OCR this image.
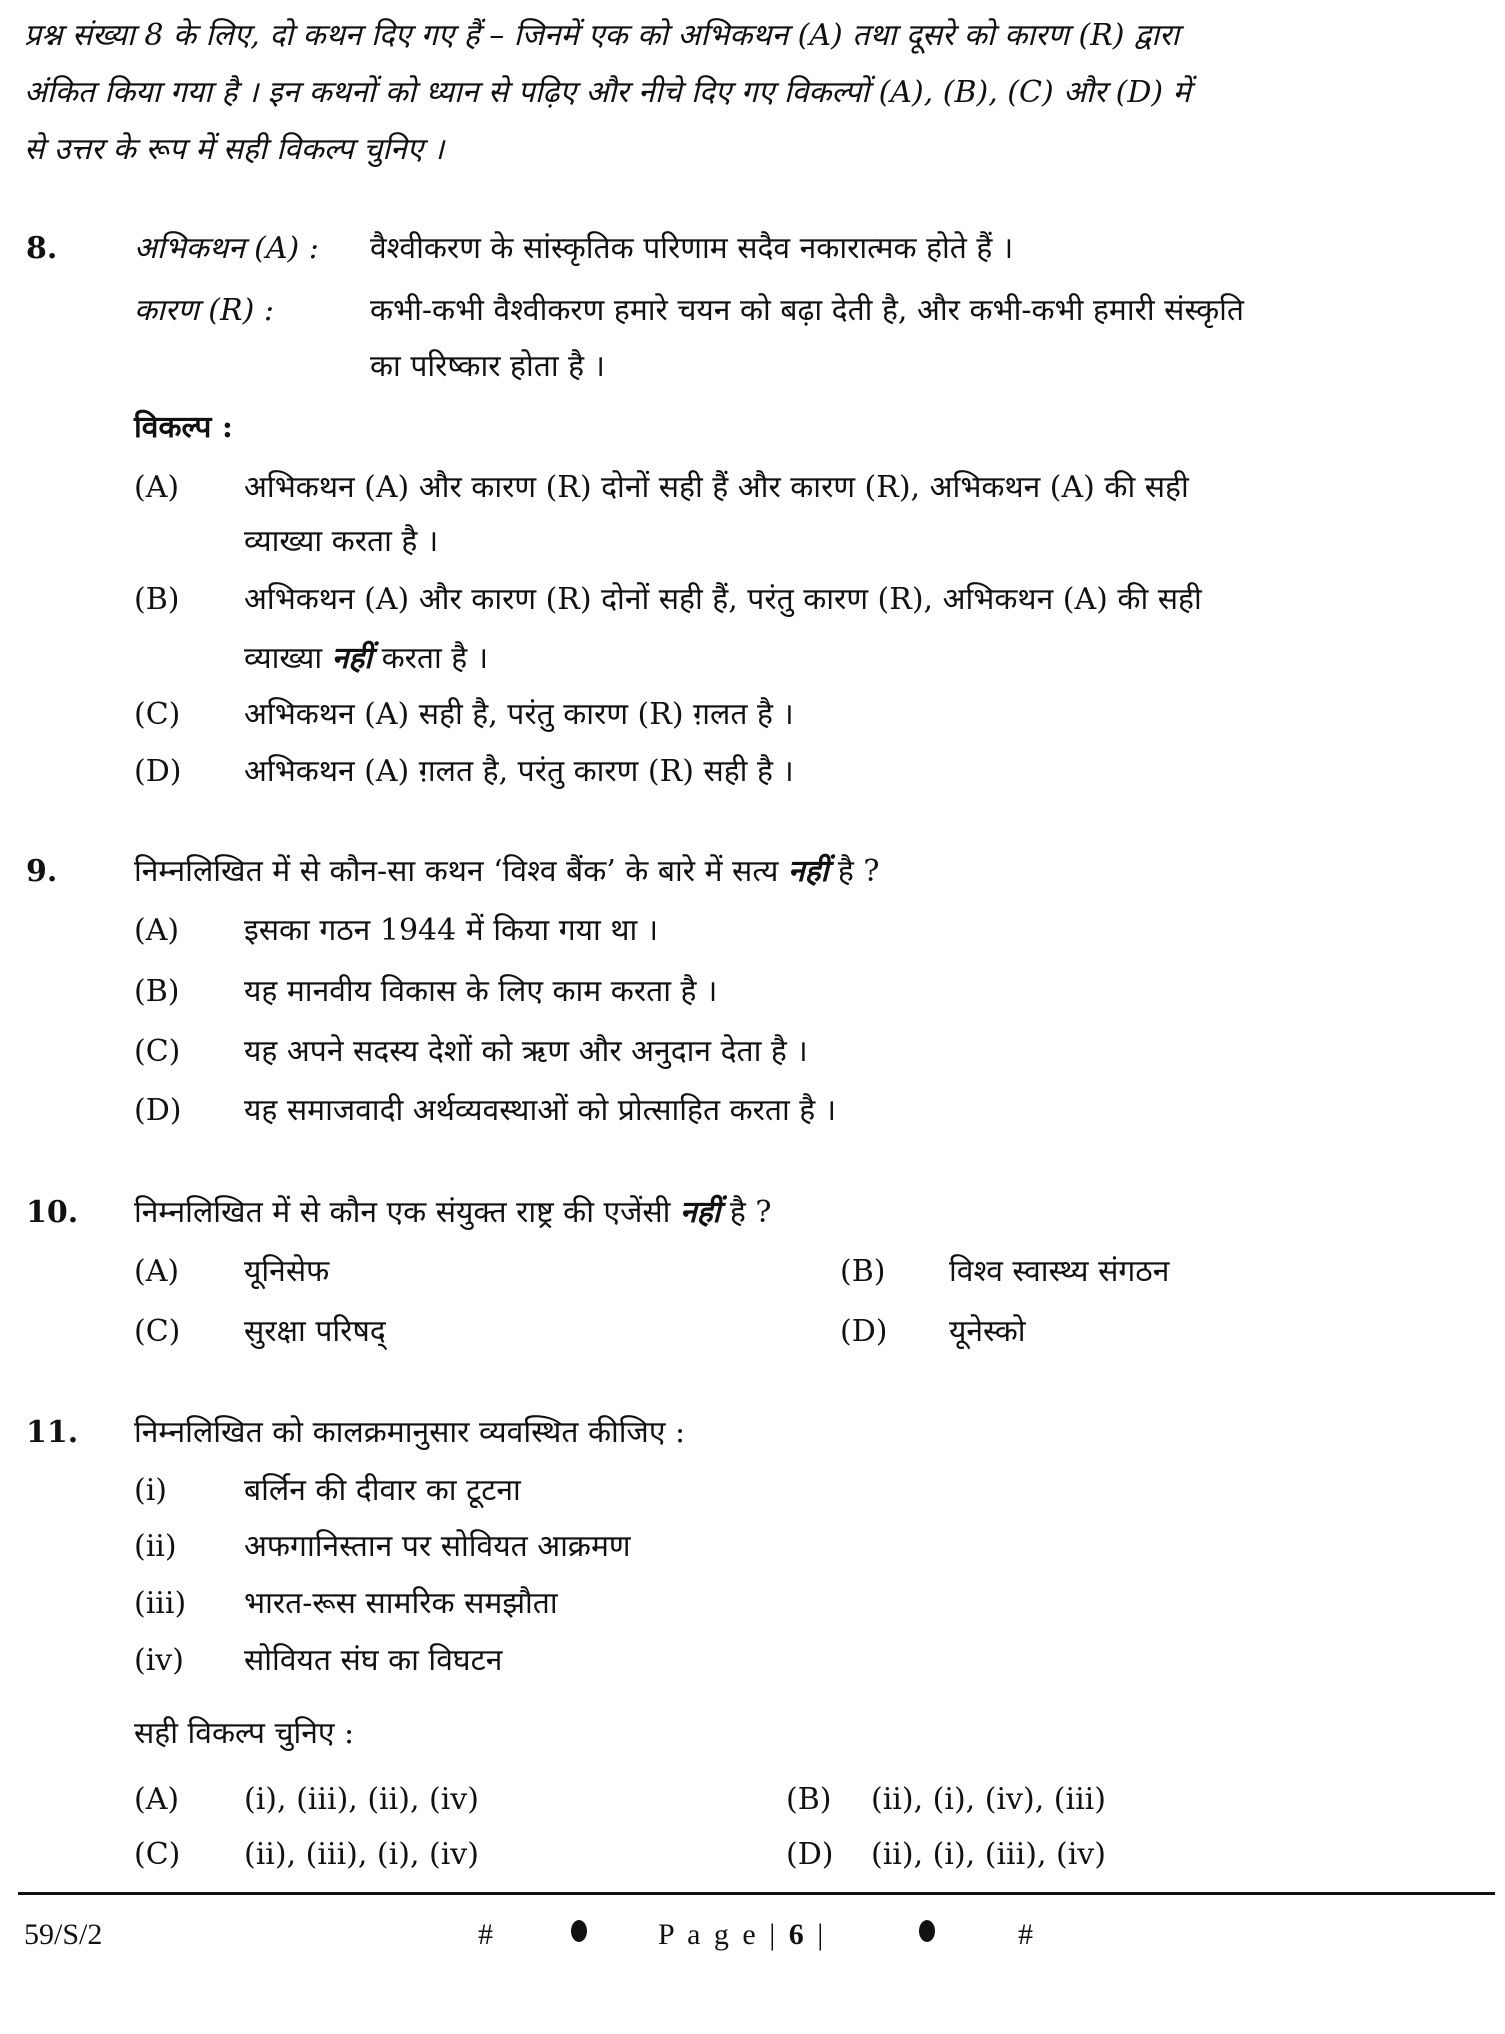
प्रश्न संख्या 8 के लिए, दो कथन दिए गए हैं – जिनमें एक को अभिकथन (A) तथा दूसरे को कारण (R) द्वारा
अंकित किया गया है । इन कथनों को ध्यान से पढ़िए और नीचे दिए गए विकल्पों (A), (B), (C) और (D) में
से उत्तर के रूप में सही विकल्प चुनिए ।
8.	अभिकथन (A) : वैश्वीकरण के सांस्कृतिक परिणाम सदैव नकारात्मक होते हैं ।
कारण (R) :	कभी-कभी वैश्वीकरण हमारे चयन को बढ़ा देती है, और कभी-कभी हमारी संस्कृति
का परिष्कार होता है ।
विकल्प :
(A) अभिकथन (A) और कारण (R) दोनों सही हैं और कारण (R), अभिकथन (A) की सही
व्याख्या करता है ।
(B) अभिकथन (A) और कारण (R) दोनों सही हैं, परंतु कारण (R), अभिकथन (A) की सही
व्याख्या नहीं करता है ।
(C) अभिकथन (A) सही है, परंतु कारण (R) ग़लत है ।
(D) अभिकथन (A) ग़लत है, परंतु कारण (R) सही है ।
9.	निम्नलिखित में से कौन-सा कथन ‘विश्व बैंक’ के बारे में सत्य नहीं है ?
(A) इसका गठन 1944 में किया गया था ।
(B) यह मानवीय विकास के लिए काम करता है ।
(C) यह अपने सदस्य देशों को ऋण और अनुदान देता है ।
(D) यह समाजवादी अर्थव्यवस्थाओं को प्रोत्साहित करता है ।
10. निम्नलिखित में से कौन एक संयुक्त राष्ट्र की एजेंसी नहीं है ?
(A) यूनिसेफ	(B) विश्व स्वास्थ्य संगठन
(C) सुरक्षा परिषद्	(D) यूनेस्को
11. निम्नलिखित को कालक्रमानुसार व्यवस्थित कीजिए :
(i)	बर्लिन की दीवार का टूटना
(ii) अफगानिस्तान पर सोवियत आक्रमण
(iii) भारत-रूस सामरिक समझौता
(iv) सोवियत संघ का विघटन
सही विकल्प चुनिए :
(A) (i), (iii), (ii), (iv)	(B) (ii), (i), (iv), (iii)
(C) (ii), (iii), (i), (iv)	(D) (ii), (i), (iii), (iv)
59/S/2	#	P a g e | 6 |	#
